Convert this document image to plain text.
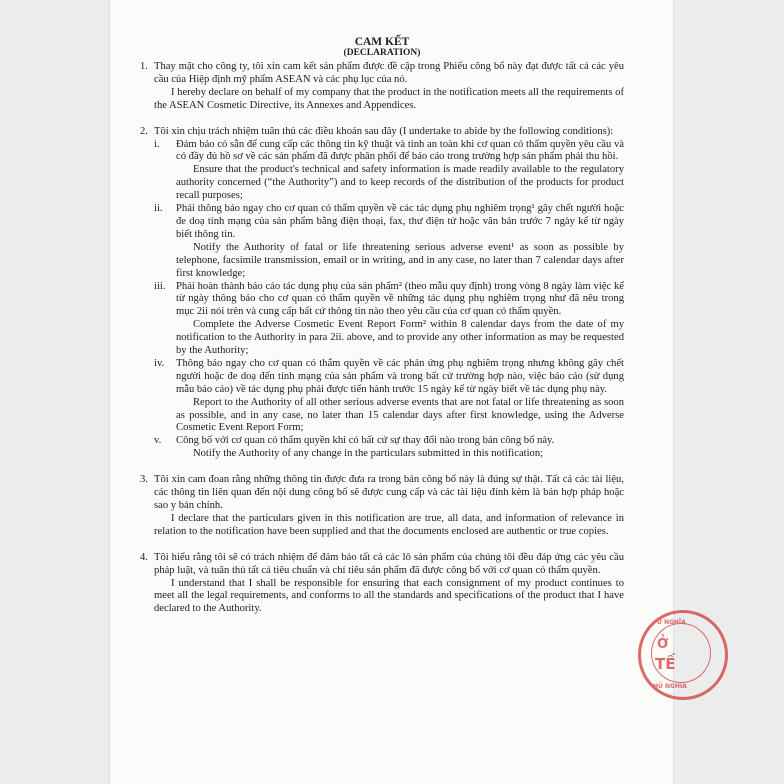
CAM KẾT
(DECLARATION)
1. Thay mặt cho công ty, tôi xin cam kết sản phẩm được đề cập trong Phiếu công bố này đạt được tất cả các yêu cầu của Hiệp định mỹ phẩm ASEAN và các phụ lục của nó.

I hereby declare on behalf of my company that the product in the notification meets all the requirements of the ASEAN Cosmetic Directive, its Annexes and Appendices.

2. Tôi xin chịu trách nhiệm tuân thủ các điều khoản sau đây (I undertake to abide by the following conditions):

i. Đảm bảo có sẵn để cung cấp các thông tin kỹ thuật và tính an toàn khi cơ quan có thẩm quyền yêu cầu và có đầy đủ hồ sơ về các sản phẩm đã được phân phối để báo cáo trong trường hợp sản phẩm phải thu hồi.

Ensure that the product's technical and safety information is made readily available to the regulatory authority concerned (“the Authority”) and to keep records of the distribution of the products for product recall purposes;

ii. Phải thông báo ngay cho cơ quan có thẩm quyền về các tác dụng phụ nghiêm trọng¹ gây chết người hoặc đe doạ tính mạng của sản phẩm bằng điện thoại, fax, thư điện tử hoặc văn bản trước 7 ngày kể từ ngày biết thông tin.

Notify the Authority of fatal or life threatening serious adverse event¹ as soon as possible by telephone, facsimile transmission, email or in writing, and in any case, no later than 7 calendar days after first knowledge;

iii. Phải hoàn thành báo cáo tác dụng phụ của sản phẩm² (theo mẫu quy định) trong vòng 8 ngày làm việc kể từ ngày thông báo cho cơ quan có thẩm quyền về những tác dụng phụ nghiêm trọng như đã nêu trong mục 2ii nói trên và cung cấp bất cứ thông tin nào theo yêu cầu của cơ quan có thẩm quyền.

Complete the Adverse Cosmetic Event Report Form² within 8 calendar days from the date of my notification to the Authority in para 2ii. above, and to provide any other information as may be requested by the Authority;

iv. Thông báo ngay cho cơ quan có thẩm quyền về các phản ứng phụ nghiêm trọng nhưng không gây chết người hoặc đe doạ đến tính mạng của sản phẩm và trong bất cứ trường hợp nào, việc báo cáo (sử dụng mẫu báo cáo) về tác dụng phụ phải được tiến hành trước 15 ngày kể từ ngày biết về tác dụng phụ này.

Report to the Authority of all other serious adverse events that are not fatal or life threatening as soon as possible, and in any case, no later than 15 calendar days after first knowledge, using the Adverse Cosmetic Event Report Form;

v. Công bố với cơ quan có thẩm quyền khi có bất cứ sự thay đổi nào trong bản công bố này.

Notify the Authority of any change in the particulars submitted in this notification;

3. Tôi xin cam đoan rằng những thông tin được đưa ra trong bản công bố này là đúng sự thật. Tất cả các tài liệu, các thông tin liên quan đến nội dung công bố sẽ được cung cấp và các tài liệu đính kèm là bản hợp pháp hoặc sao y bản chính.

I declare that the particulars given in this notification are true, all data, and information of relevance in relation to the notification have been supplied and that the documents enclosed are authentic or true copies.

4. Tôi hiểu rằng tôi sẽ có trách nhiệm để đảm bảo tất cả các lô sản phẩm của chúng tôi đều đáp ứng các yêu cầu pháp luật, và tuân thủ tất cả tiêu chuẩn và chỉ tiêu sản phẩm đã được công bố với cơ quan có thẩm quyền.

I understand that I shall be responsible for ensuring that each consignment of my product continues to meet all the legal requirements, and conforms to all the standards and specifications of the product that I have declared to the Authority.

Ủ NGHĨA
Ở
TẾ
HỦ NGHĨA
